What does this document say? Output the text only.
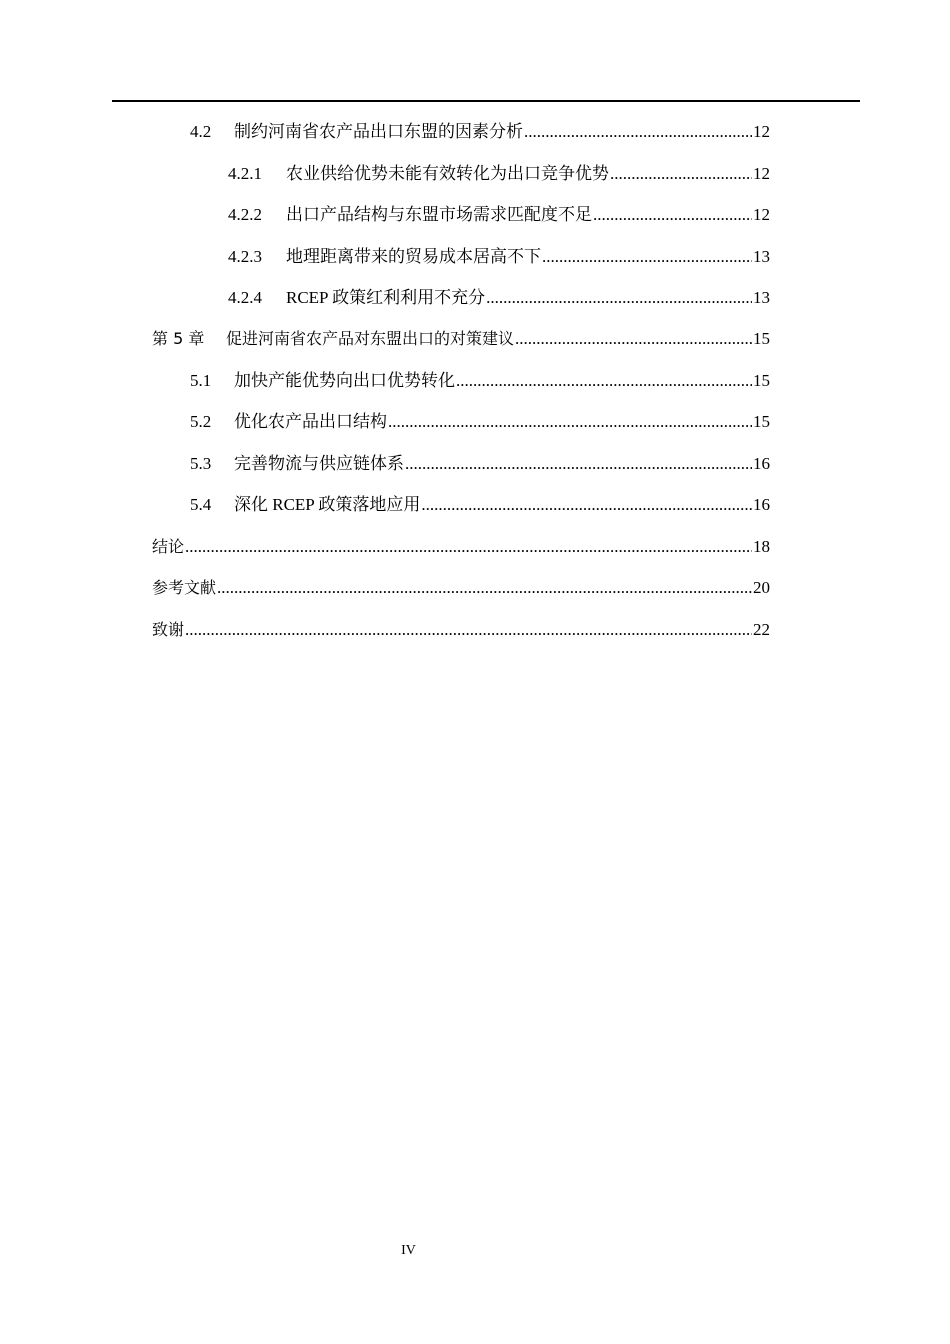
4.2	制约河南省农产品出口东盟的因素分析 .....	12
4.2.1	农业供给优势未能有效转化为出口竞争优势 .....	12
4.2.2	出口产品结构与东盟市场需求匹配度不足 .....	12
4.2.3	地理距离带来的贸易成本居高不下 .....	13
4.2.4	RCEP 政策红利利用不充分 .....	13
第 5 章	促进河南省农产品对东盟出口的对策建议 .....	15
5.1	加快产能优势向出口优势转化 .....	15
5.2	优化农产品出口结构 .....	15
5.3	完善物流与供应链体系 .....	16
5.4	深化 RCEP 政策落地应用 .....	16
结论 .....	18
参考文献 .....	20
致谢 .....	22
IV
